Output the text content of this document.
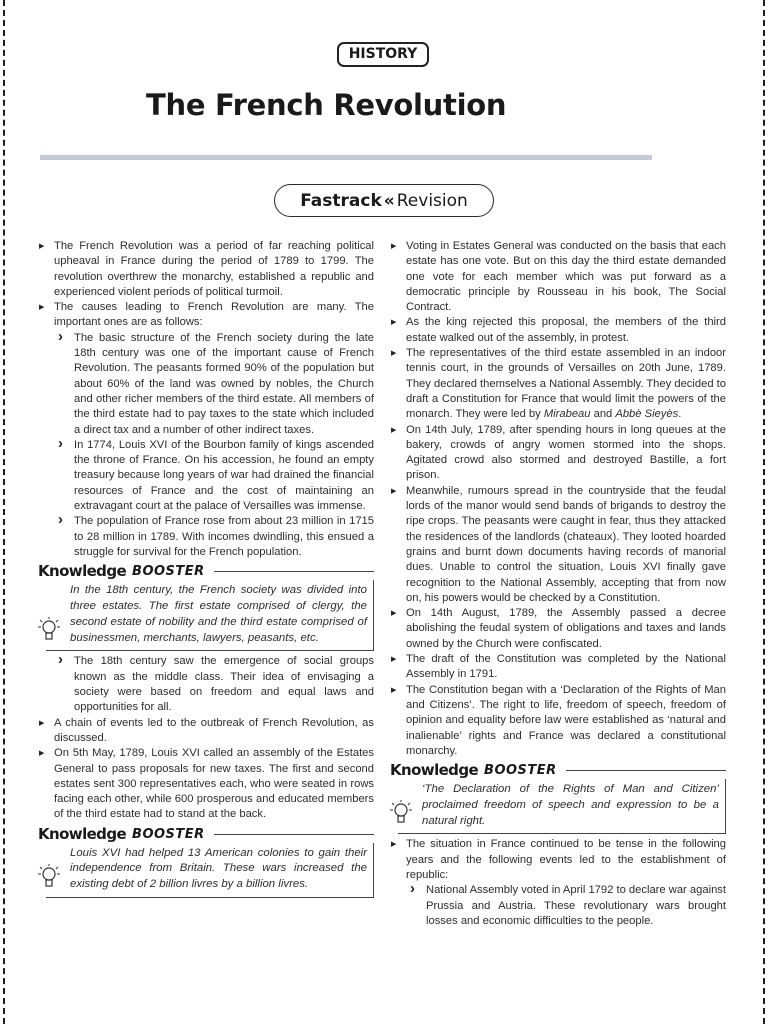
HISTORY
The French Revolution
Fastrack « Revision

▶ The French Revolution was a period of far reaching political upheaval in France during the period of 1789 to 1799. The revolution overthrew the monarchy, established a republic and experienced violent periods of political turmoil.

▶ The causes leading to French Revolution are many. The important ones are as follows:

› The basic structure of the French society during the late 18th century was one of the important cause of French Revolution. The peasants formed 90% of the population but about 60% of the land was owned by nobles, the Church and other richer members of the third estate. All members of the third estate had to pay taxes to the state which included a direct tax and a number of other indirect taxes.

› In 1774, Louis XVI of the Bourbon family of kings ascended the throne of France. On his accession, he found an empty treasury because long years of war had drained the financial resources of France and the cost of maintaining an extravagant court at the palace of Versailles was immense.

› The population of France rose from about 23 million in 1715 to 28 million in 1789. With incomes dwindling, this ensued a struggle for survival for the French population.

Knowledge BOOSTER

In the 18th century, the French society was divided into three estates. The first estate comprised of clergy, the second estate of nobility and the third estate comprised of businessmen, merchants, lawyers, peasants, etc.

› The 18th century saw the emergence of social groups known as the middle class. Their idea of envisaging a society were based on freedom and equal laws and opportunities for all.

▶ A chain of events led to the outbreak of French Revolution, as discussed.

▶ On 5th May, 1789, Louis XVI called an assembly of the Estates General to pass proposals for new taxes. The first and second estates sent 300 representatives each, who were seated in rows facing each other, while 600 prosperous and educated members of the third estate had to stand at the back.

Knowledge BOOSTER

Louis XVI had helped 13 American colonies to gain their independence from Britain. These wars increased the existing debt of 2 billion livres by a billion livres.

▶ Voting in Estates General was conducted on the basis that each estate has one vote. But on this day the third estate demanded one vote for each member which was put forward as a democratic principle by Rousseau in his book, The Social Contract.

▶ As the king rejected this proposal, the members of the third estate walked out of the assembly, in protest.

▶ The representatives of the third estate assembled in an indoor tennis court, in the grounds of Versailles on 20th June, 1789. They declared themselves a National Assembly. They decided to draft a Constitution for France that would limit the powers of the monarch. They were led by Mirabeau and Abbè Sieyès.

▶ On 14th July, 1789, after spending hours in long queues at the bakery, crowds of angry women stormed into the shops. Agitated crowd also stormed and destroyed Bastille, a fort prison.

▶ Meanwhile, rumours spread in the countryside that the feudal lords of the manor would send bands of brigands to destroy the ripe crops. The peasants were caught in fear, thus they attacked the residences of the landlords (chateaux). They looted hoarded grains and burnt down documents having records of manorial dues. Unable to control the situation, Louis XVI finally gave recognition to the National Assembly, accepting that from now on, his powers would be checked by a Constitution.

▶ On 14th August, 1789, the Assembly passed a decree abolishing the feudal system of obligations and taxes and lands owned by the Church were confiscated.

▶ The draft of the Constitution was completed by the National Assembly in 1791.

▶ The Constitution began with a ‘Declaration of the Rights of Man and Citizens’. The right to life, freedom of speech, freedom of opinion and equality before law were established as ‘natural and inalienable’ rights and France was declared a constitutional monarchy.

Knowledge BOOSTER

‘The Declaration of the Rights of Man and Citizen’ proclaimed freedom of speech and expression to be a natural right.

▶ The situation in France continued to be tense in the following years and the following events led to the establishment of republic:

› National Assembly voted in April 1792 to declare war against Prussia and Austria. These revolutionary wars brought losses and economic difficulties to the people.
